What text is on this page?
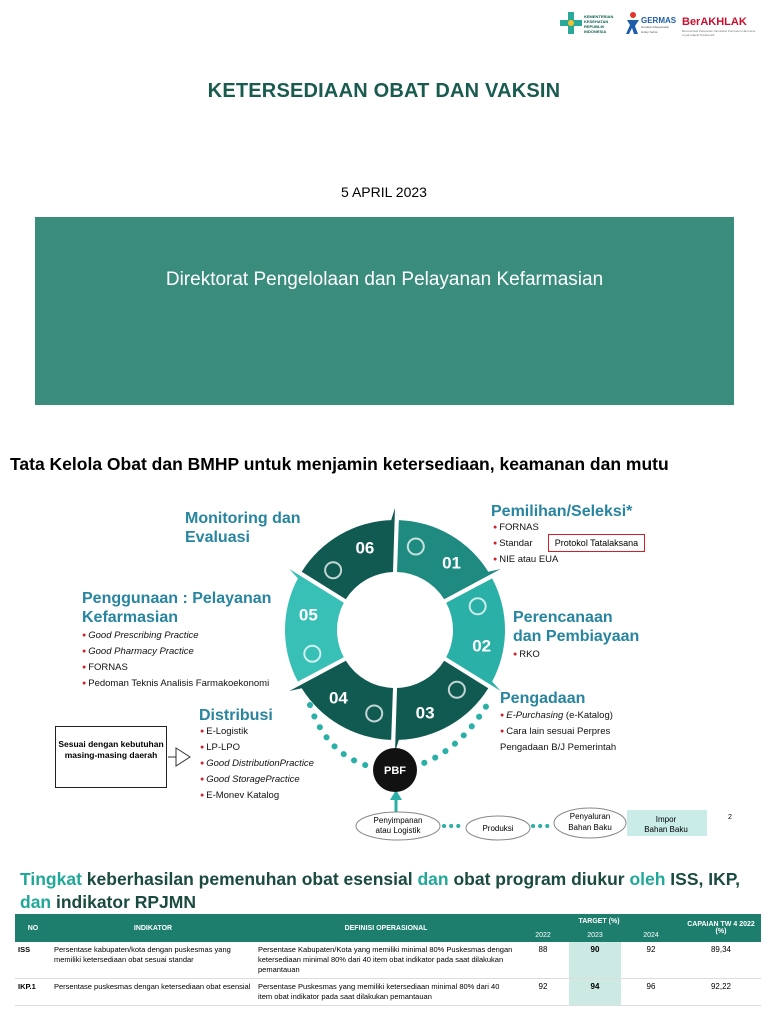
KEMENTERIAN KESEHATAN REPUBLIK INDONESIA
GERMAS
Gerakan Masyarakat Hidup Sehat
BerAKHLAK
Berorientasi Pelayanan Akuntabel Kompeten Harmonis Loyal Adaptif Kolaboratif
KETERSEDIAAN OBAT DAN VAKSIN
5 APRIL 2023
Direktorat Pengelolaan dan Pelayanan Kefarmasian
Tata Kelola Obat dan BMHP untuk menjamin ketersediaan, keamanan dan mutu
01
02
03
04
05
06
PBF
Penyimpanan
atau Logistik	Produksi
Penyaluran
Bahan Baku
Impor
Bahan Baku
Monitoring dan
Evaluasi
Pemilihan/Seleksi*
● FORNAS
● Standar
● NIE atau EUA
Protokol Tatalaksana
Perencanaan
dan Pembiayaan
● RKO
Pengadaan
● E-Purchasing (e-Katalog)
● Cara lain sesuai Perpres
Pengadaan B/J Pemerintah
Distribusi
● E-Logistik
● LP-LPO
● Good DistributionPractice
● Good StoragePractice
● E-Monev Katalog
Penggunaan : Pelayanan
Kefarmasian
● Good Prescribing Practice
● Good Pharmacy Practice
● FORNAS
● Pedoman Teknis Analisis Farmakoekonomi
Sesuai dengan kebutuhan masing-masing daerah
2
Tingkat keberhasilan pemenuhan obat esensial dan obat program diukur oleh ISS, IKP, dan indikator RPJMN
NO	INDIKATOR	DEFINISI OPERASIONAL	TARGET (%)			CAPAIAN TW 4 2022 (%)
			2022	2023	2024	
ISS	Persentase kabupaten/kota dengan puskesmas yang memiliki ketersediaan obat sesuai standar	Persentase Kabupaten/Kota yang memiliki minimal 80% Puskesmas dengan ketersediaan minimal 80% dari 40 item obat indikator pada saat dilakukan pemantauan	88	90	92	89,34
IKP.1	Persentase puskesmas dengan ketersediaan obat esensial	Persentase Puskesmas yang memiliki ketersediaan minimal 80% dari 40 item obat indikator pada saat dilakukan pemantauan	92	94	96	92,22
